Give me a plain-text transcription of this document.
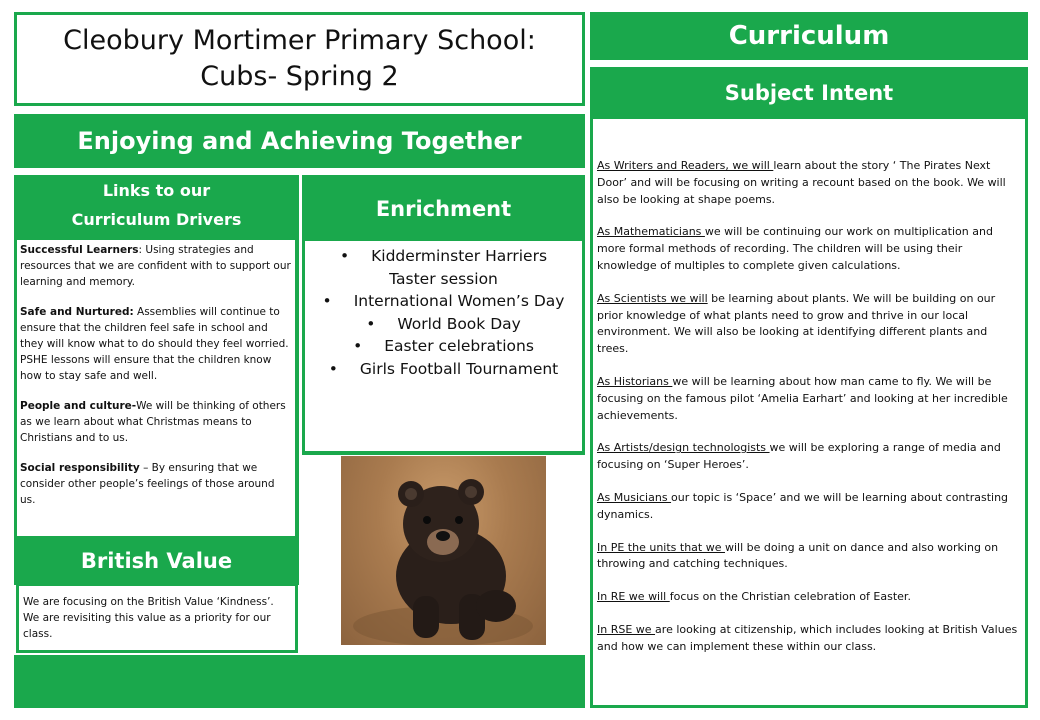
Cleobury Mortimer Primary School:
Cubs- Spring 2
Curriculum
Enjoying and Achieving Together
Links to our
Curriculum Drivers

Successful Learners: Using strategies and resources that we are confident with to support our learning and memory.

Safe and Nurtured: Assemblies will continue to ensure that the children feel safe in school and they will know what to do should they feel worried.
PSHE lessons will ensure that the children know how to stay safe and well.

People and culture-We will be thinking of others as we learn about what Christmas means to Christians and to us.

Social responsibility – By ensuring that we consider other people’s feelings of those around us.

British Value
We are focusing on the British Value ‘Kindness’. We are revisiting this value as a priority for our class.
Enrichment
• Kidderminster Harriers Taster session
• International Women’s Day
• World Book Day
• Easter celebrations
• Girls Football Tournament
Subject Intent

As Writers and Readers, we will learn about the story ‘ The Pirates Next Door’ and will be focusing on writing a recount based on the book. We will also be looking at shape poems.

As Mathematicians we will be continuing our work on multiplication and more formal methods of recording. The children will be using their knowledge of multiples to complete given calculations.

As Scientists we will be learning about plants. We will be building on our prior knowledge of what plants need to grow and thrive in our local environment. We will also be looking at identifying different plants and trees.

As Historians we will be learning about how man came to fly. We will be focusing on the famous pilot ‘Amelia Earhart’ and looking at her incredible achievements.

As Artists/design technologists we will be exploring a range of media and focusing on ‘Super Heroes’.

As Musicians our topic is ‘Space’ and we will be learning about contrasting dynamics.

In PE the units that we will be doing a unit on dance and also working on throwing and catching techniques.

In RE we will focus on the Christian celebration of Easter.

In RSE we are looking at citizenship, which includes looking at British Values and how we can implement these within our class.
